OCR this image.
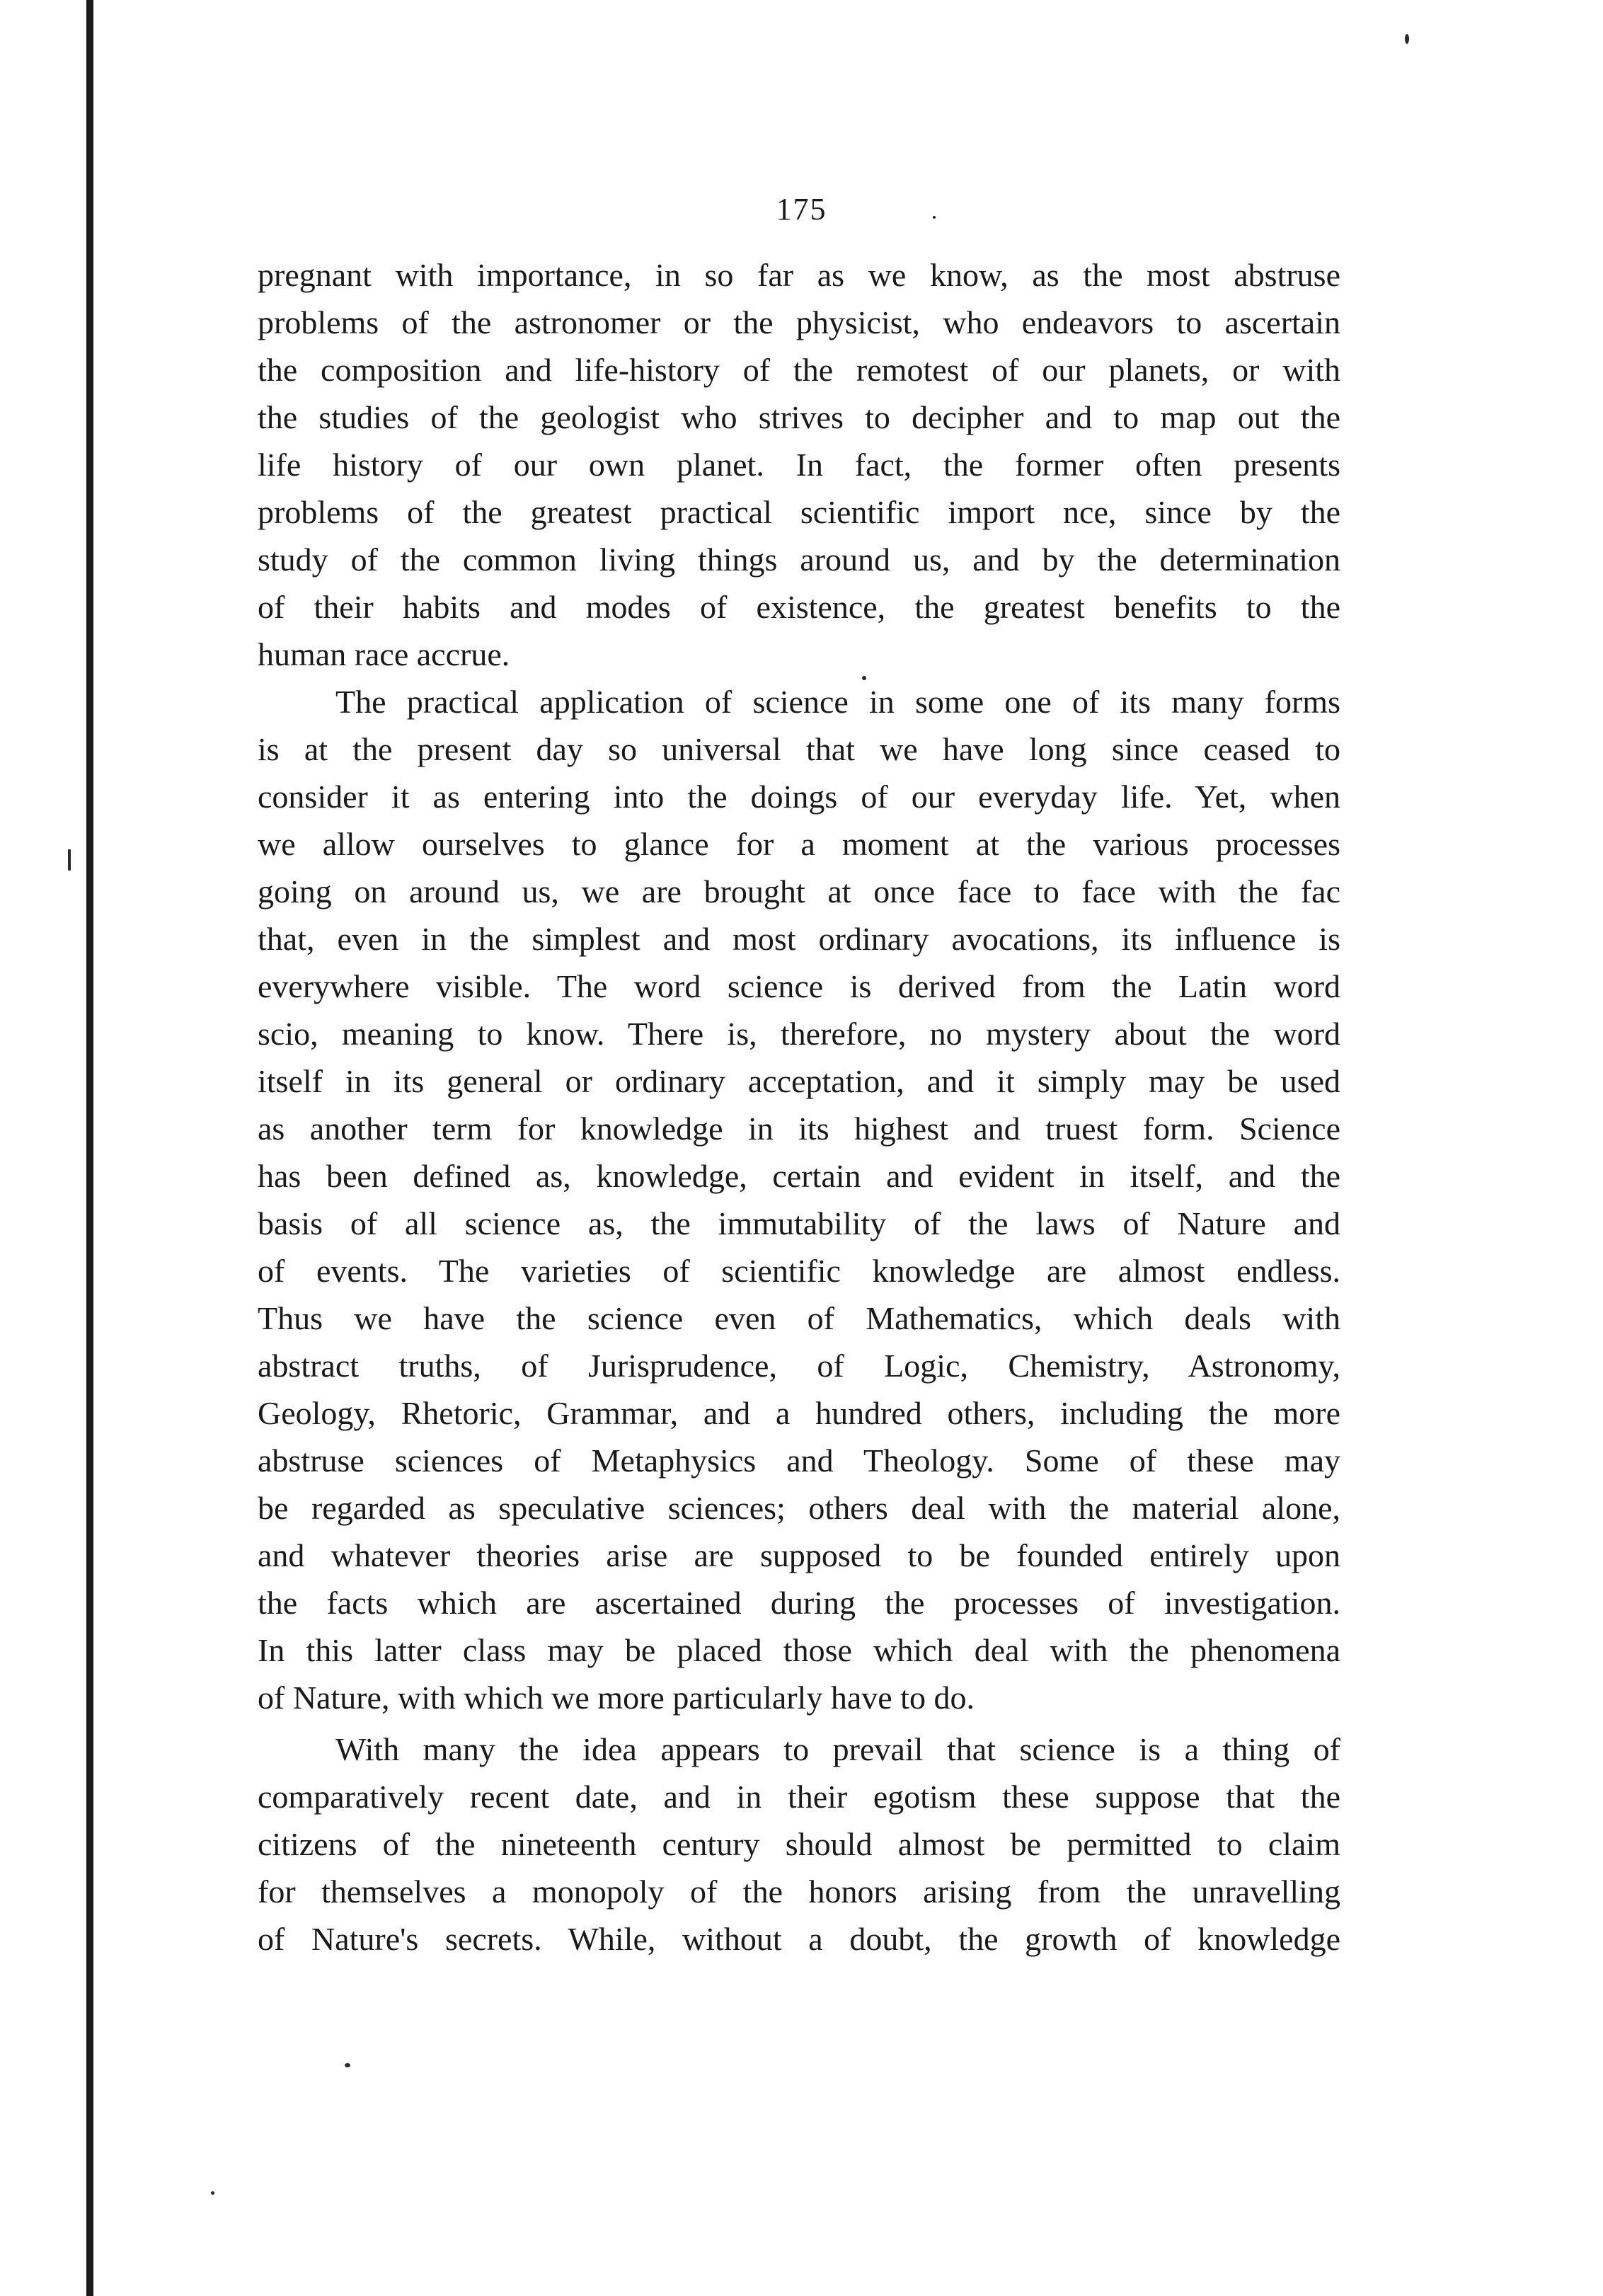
175
pregnant with importance, in so far as we know, as the most abstruse
problems of the astronomer or the physicist, who endeavors to ascertain
the composition and life-history of the remotest of our planets, or with
the studies of the geologist who strives to decipher and to map out the
life history of our own planet. In fact, the former often presents
problems of the greatest practical scientific import nce, since by the
study of the common living things around us, and by the determination
of their habits and modes of existence, the greatest benefits to the
human race accrue.
The practical application of science in some one of its many forms
is at the present day so universal that we have long since ceased to
consider it as entering into the doings of our everyday life. Yet, when
we allow ourselves to glance for a moment at the various processes
going on around us, we are brought at once face to face with the fac
that, even in the simplest and most ordinary avocations, its influence is
everywhere visible. The word science is derived from the Latin word
scio, meaning to know. There is, therefore, no mystery about the word
itself in its general or ordinary acceptation, and it simply may be used
as another term for knowledge in its highest and truest form. Science
has been defined as, knowledge, certain and evident in itself, and the
basis of all science as, the immutability of the laws of Nature and
of events. The varieties of scientific knowledge are almost endless.
Thus we have the science even of Mathematics, which deals with
abstract truths, of Jurisprudence, of Logic, Chemistry, Astronomy,
Geology, Rhetoric, Grammar, and a hundred others, including the more
abstruse sciences of Metaphysics and Theology. Some of these may
be regarded as speculative sciences; others deal with the material alone,
and whatever theories arise are supposed to be founded entirely upon
the facts which are ascertained during the processes of investigation.
In this latter class may be placed those which deal with the phenomena
of Nature, with which we more particularly have to do.
With many the idea appears to prevail that science is a thing of
comparatively recent date, and in their egotism these suppose that the
citizens of the nineteenth century should almost be permitted to claim
for themselves a monopoly of the honors arising from the unravelling
of Nature's secrets. While, without a doubt, the growth of knowledge
